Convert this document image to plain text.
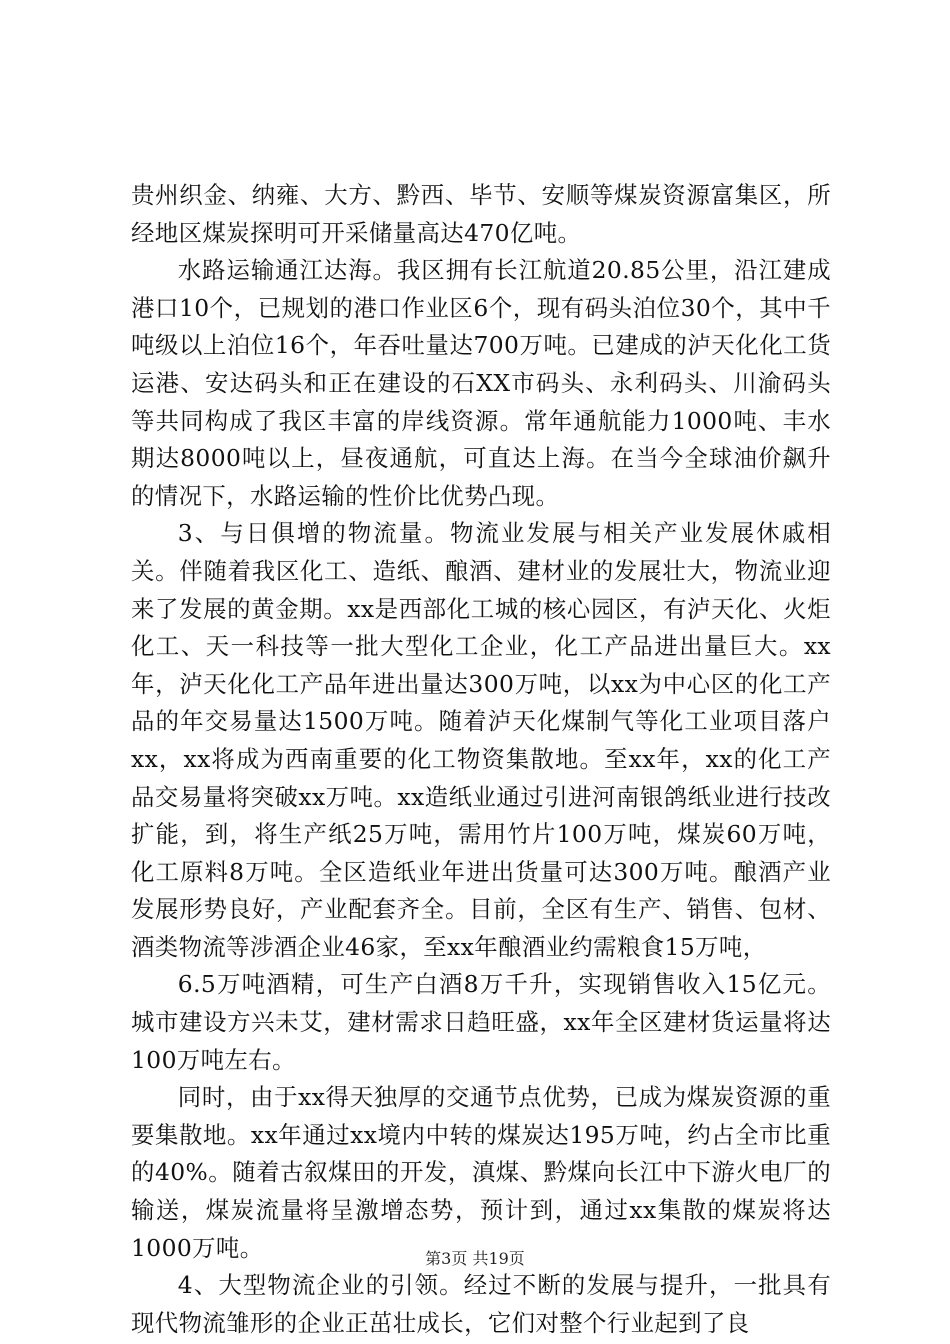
贵州织金、纳雍、大方、黔西、毕节、安顺等煤炭资源富集区，所经地区煤炭探明可开采储量高达470亿吨。

水路运输通江达海。我区拥有长江航道20.85公里，沿江建成港口10个，已规划的港口作业区6个，现有码头泊位30个，其中千吨级以上泊位16个，年吞吐量达700万吨。已建成的泸天化化工货运港、安达码头和正在建设的石XX市码头、永利码头、川渝码头等共同构成了我区丰富的岸线资源。常年通航能力1000吨、丰水期达8000吨以上，昼夜通航，可直达上海。在当今全球油价飙升的情况下，水路运输的性价比优势凸现。

3、与日俱增的物流量。物流业发展与相关产业发展休戚相关。伴随着我区化工、造纸、酿酒、建材业的发展壮大，物流业迎来了发展的黄金期。xx是西部化工城的核心园区，有泸天化、火炬化工、天一科技等一批大型化工企业，化工产品进出量巨大。xx年，泸天化化工产品年进出量达300万吨，以xx为中心区的化工产品的年交易量达1500万吨。随着泸天化煤制气等化工业项目落户xx，xx将成为西南重要的化工物资集散地。至xx年，xx的化工产品交易量将突破xx万吨。xx造纸业通过引进河南银鸽纸业进行技改扩能，到，将生产纸25万吨，需用竹片100万吨，煤炭60万吨，化工原料8万吨。全区造纸业年进出货量可达300万吨。酿酒产业发展形势良好，产业配套齐全。目前，全区有生产、销售、包材、酒类物流等涉酒企业46家，至xx年酿酒业约需粮食15万吨，

6.5万吨酒精，可生产白酒8万千升，实现销售收入15亿元。城市建设方兴未艾，建材需求日趋旺盛，xx年全区建材货运量将达100万吨左右。

同时，由于xx得天独厚的交通节点优势，已成为煤炭资源的重要集散地。xx年通过xx境内中转的煤炭达195万吨，约占全市比重的40%。随着古叙煤田的开发，滇煤、黔煤向长江中下游火电厂的输送，煤炭流量将呈激增态势，预计到，通过xx集散的煤炭将达1000万吨。

4、大型物流企业的引领。经过不断的发展与提升，一批具有现代物流雏形的企业正茁壮成长，它们对整个行业起到了良

第3页 共19页
